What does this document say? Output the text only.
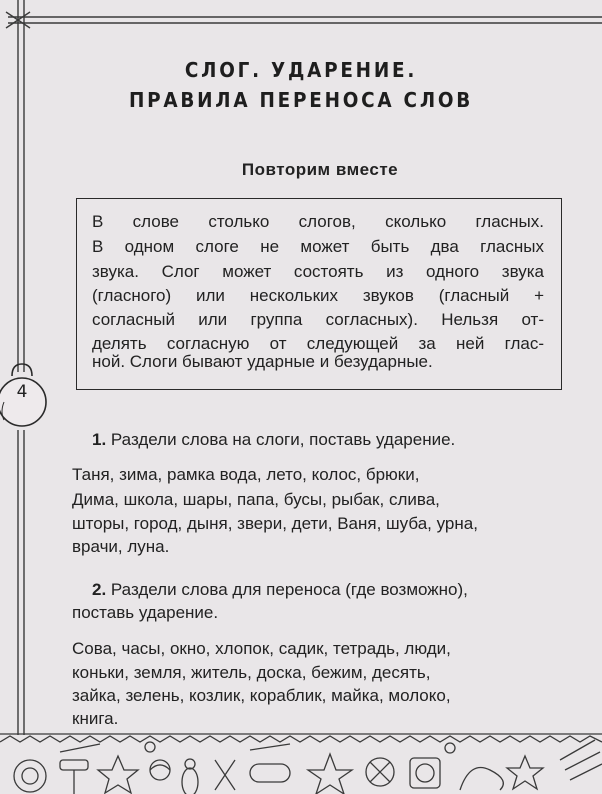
СЛОГ. УДАРЕНИЕ.
ПРАВИЛА ПЕРЕНОСА СЛОВ
Повторим вместе
В слове столько слогов, сколько гласных.
В одном слоге не может быть два гласных
звука. Слог может состоять из одного звука
(гласного) или нескольких звуков (гласный +
согласный или группа согласных). Нельзя от-
делять согласную от следующей за ней глас-
ной. Слоги бывают ударные и безударные.
4
1. Раздели слова на слоги, поставь ударение.
Таня, зима, рамка вода, лето, колос, брюки,
Дима, школа, шары, папа, бусы, рыбак, слива,
шторы, город, дыня, звери, дети, Ваня, шуба, урна,
врачи, луна.
2. Раздели слова для переноса (где возможно),
поставь ударение.
Сова, часы, окно, хлопок, садик, тетрадь, люди,
коньки, земля, житель, доска, бежим, десять,
зайка, зелень, козлик, кораблик, майка, молоко,
книга.
